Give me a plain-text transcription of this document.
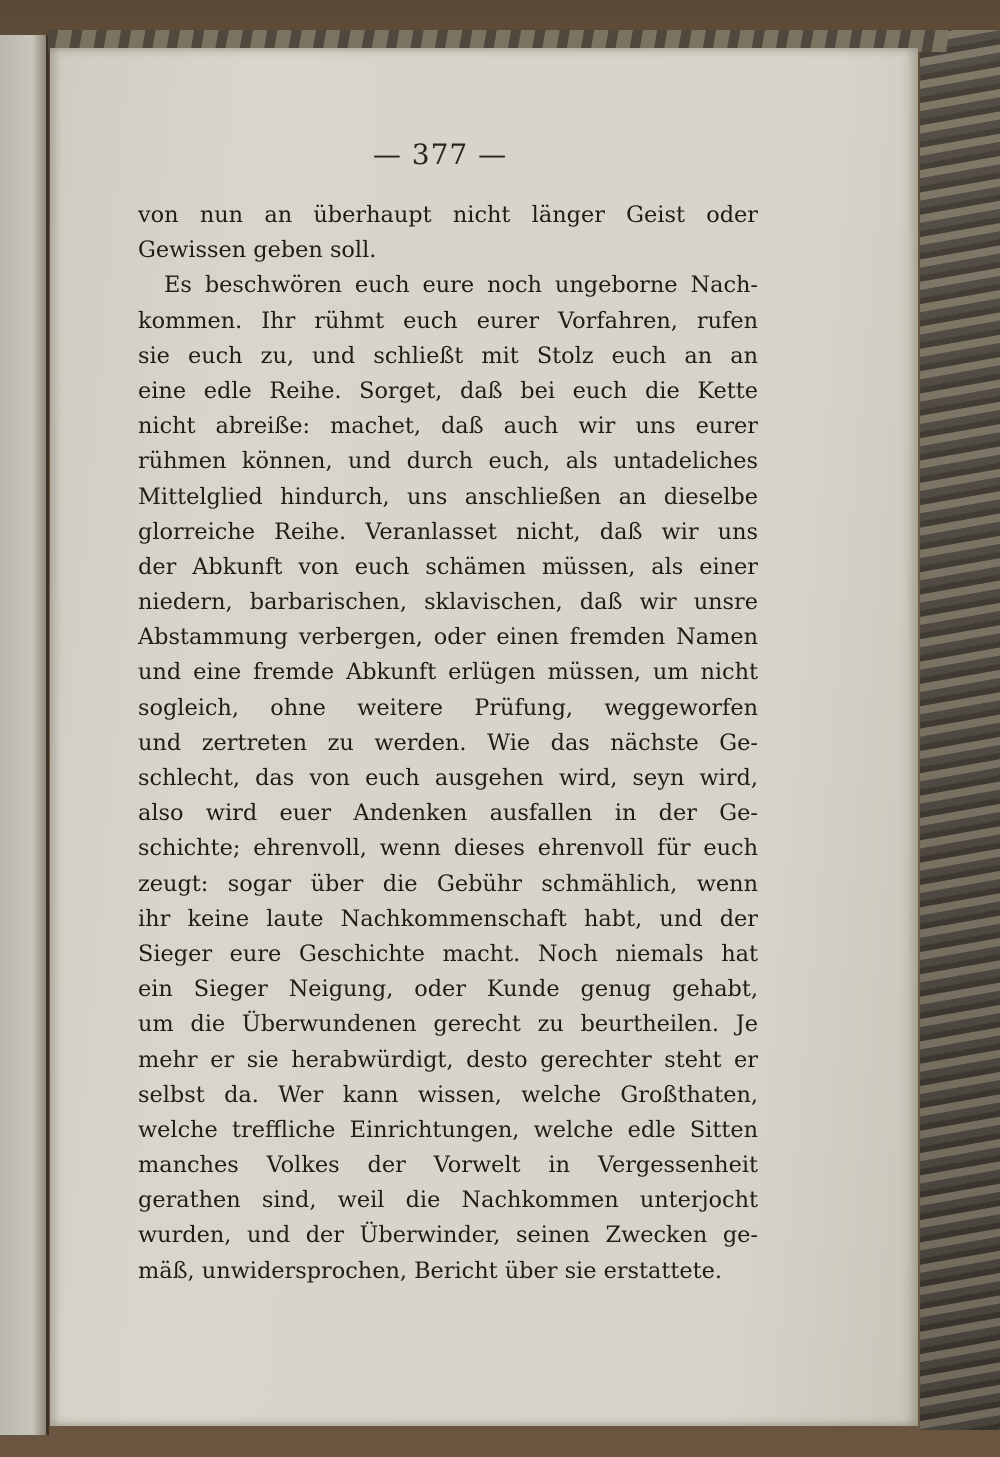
— 377 —
von nun an überhaupt nicht länger Geist oder
Gewissen geben soll.
Es beschwören euch eure noch ungeborne Nach-
kommen. Ihr rühmt euch eurer Vorfahren, rufen
sie euch zu, und schließt mit Stolz euch an an
eine edle Reihe. Sorget, daß bei euch die Kette
nicht abreiße: machet, daß auch wir uns eurer
rühmen können, und durch euch, als untadeliches
Mittelglied hindurch, uns anschließen an dieselbe
glorreiche Reihe. Veranlasset nicht, daß wir uns
der Abkunft von euch schämen müssen, als einer
niedern, barbarischen, sklavischen, daß wir unsre
Abstammung verbergen, oder einen fremden Namen
und eine fremde Abkunft erlügen müssen, um nicht
sogleich, ohne weitere Prüfung, weggeworfen
und zertreten zu werden. Wie das nächste Ge-
schlecht, das von euch ausgehen wird, seyn wird,
also wird euer Andenken ausfallen in der Ge-
schichte; ehrenvoll, wenn dieses ehrenvoll für euch
zeugt: sogar über die Gebühr schmählich, wenn
ihr keine laute Nachkommenschaft habt, und der
Sieger eure Geschichte macht. Noch niemals hat
ein Sieger Neigung, oder Kunde genug gehabt,
um die Überwundenen gerecht zu beurtheilen. Je
mehr er sie herabwürdigt, desto gerechter steht er
selbst da. Wer kann wissen, welche Großthaten,
welche treffliche Einrichtungen, welche edle Sitten
manches Volkes der Vorwelt in Vergessenheit
gerathen sind, weil die Nachkommen unterjocht
wurden, und der Überwinder, seinen Zwecken ge-
mäß, unwidersprochen, Bericht über sie erstattete.
